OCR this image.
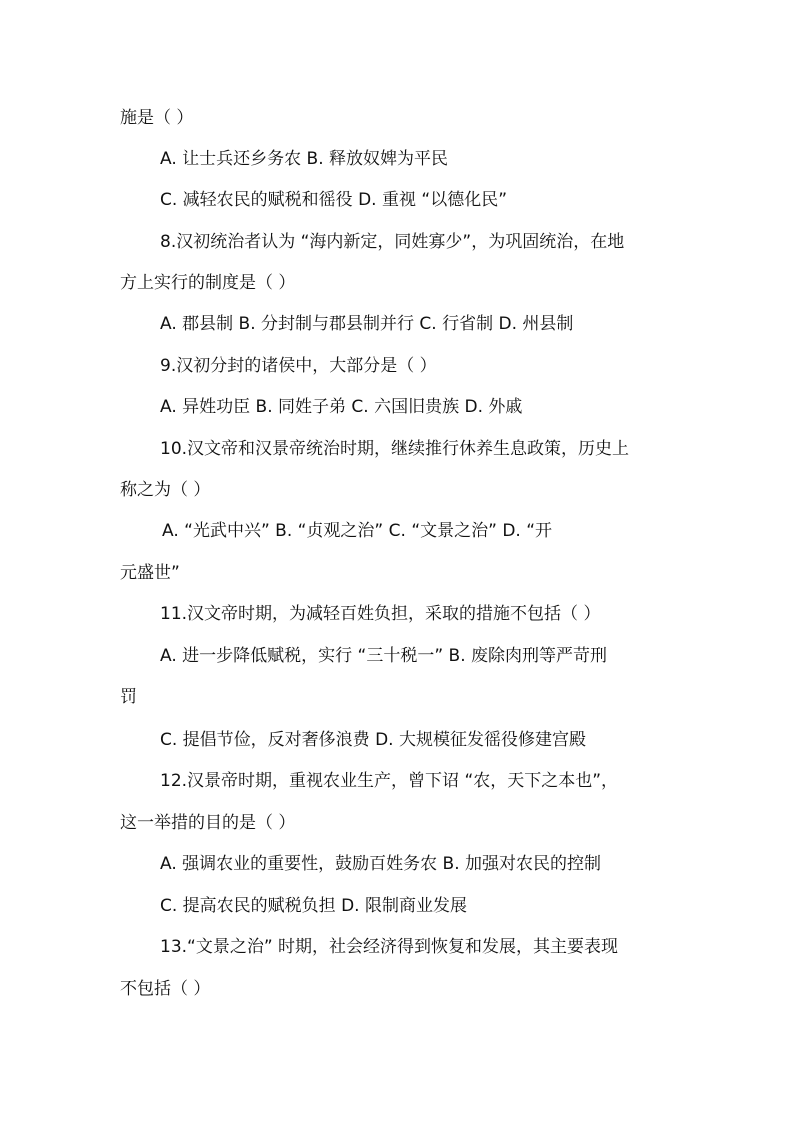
施是（ ）
A. 让士兵还乡务农 B. 释放奴婢为平民
C. 减轻农民的赋税和徭役 D. 重视 “以德化民”
8.汉初统治者认为 “海内新定，同姓寡少”，为巩固统治，在地
方上实行的制度是（ ）
A. 郡县制 B. 分封制与郡县制并行 C. 行省制 D. 州县制
9.汉初分封的诸侯中，大部分是（ ）
A. 异姓功臣 B. 同姓子弟 C. 六国旧贵族 D. 外戚
10.汉文帝和汉景帝统治时期，继续推行休养生息政策，历史上
称之为（ ）
A. “光武中兴” B. “贞观之治” C. “文景之治” D. “开
元盛世”
11.汉文帝时期，为减轻百姓负担，采取的措施不包括（ ）
A. 进一步降低赋税，实行 “三十税一” B. 废除肉刑等严苛刑
罚
C. 提倡节俭，反对奢侈浪费 D. 大规模征发徭役修建宫殿
12.汉景帝时期，重视农业生产，曾下诏 “农，天下之本也”，
这一举措的目的是（ ）
A. 强调农业的重要性，鼓励百姓务农 B. 加强对农民的控制
C. 提高农民的赋税负担 D. 限制商业发展
13.“文景之治” 时期，社会经济得到恢复和发展，其主要表现
不包括（ ）
